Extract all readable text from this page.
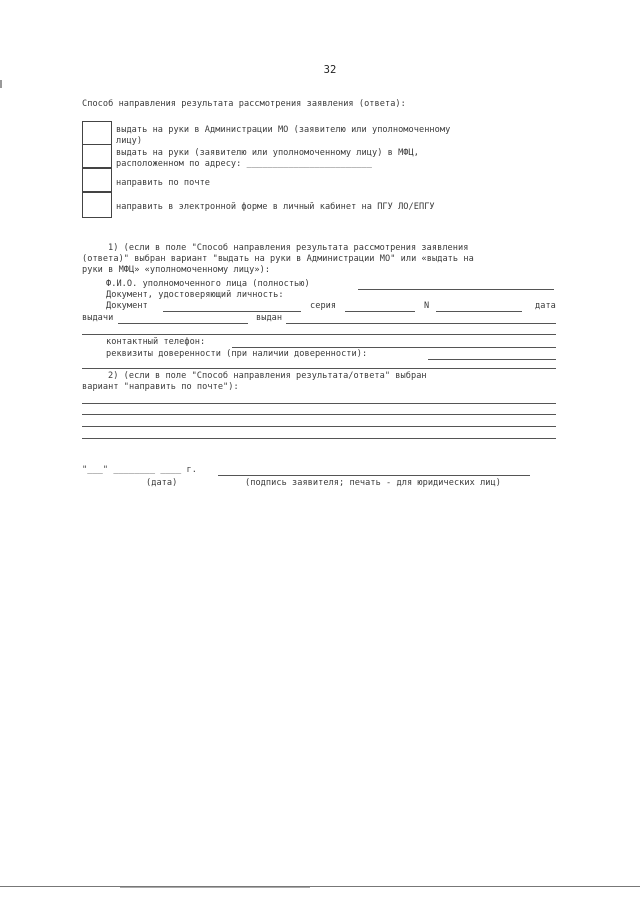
32
Способ направления результата рассмотрения заявления (ответа):
выдать на руки в Администрации МО (заявителю или уполномоченному
лицу)
выдать на руки (заявителю или уполномоченному лицу) в МФЦ,
расположенном по адресу: ________________________
направить по почте
направить в электронной форме в личный кабинет на ПГУ ЛО/ЕПГУ
1) (если в поле "Способ направления результата рассмотрения заявления
(ответа)" выбран вариант "выдать на руки в Администрации МО" или «выдать на
руки в МФЦ» «уполномоченному лицу»):
Ф.И.О. уполномоченного лица (полностью)
Документ, удостоверяющий личность:
Документ	серия	N	дата
выдачи	выдан
контактный телефон:
реквизиты доверенности (при наличии доверенности):
2) (если в поле "Способ направления результата/ответа" выбран
вариант "направить по почте"):
"___" ________ ____ г.
(дата)	(подпись заявителя; печать - для юридических лиц)
